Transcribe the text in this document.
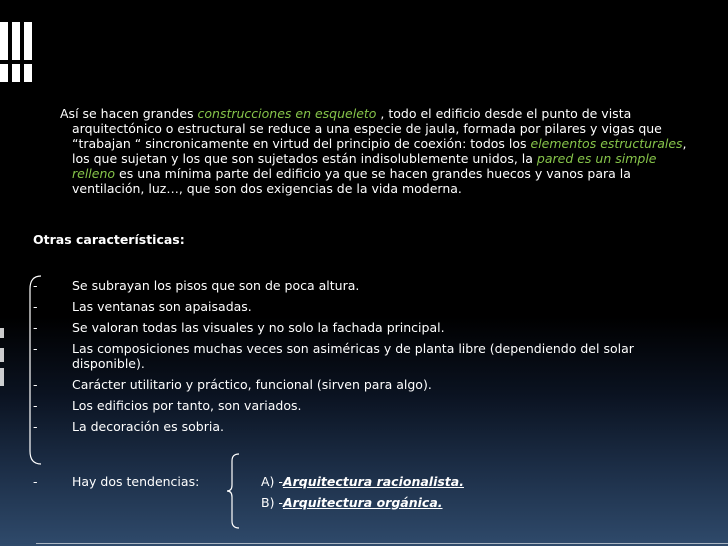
Así se hacen grandes construcciones en esqueleto , todo el edificio desde el punto de vista arquitectónico o estructural se reduce a una especie de jaula, formada por pilares y vigas que “trabajan “ sincronicamente en virtud del principio de coexión: todos los elementos estructurales, los que sujetan y los que son sujetados están indisolublemente unidos, la pared es un simple relleno es una mínima parte del edificio ya que se hacen grandes huecos y vanos para la ventilación, luz…, que son dos exigencias de la vida moderna.

Otras características:

-	Se subrayan los pisos que son de poca altura.
-	Las ventanas son apaisadas.
-	Se valoran todas las visuales y no solo la fachada principal.
-	Las composiciones muchas veces son asiméricas y de planta libre (dependiendo del solar disponible).
-	Carácter utilitario y práctico, funcional (sirven para algo).
-	Los edificios por tanto, son variados.
-	La decoración es sobria.
-	Hay dos tendencias:	A) -Arquitectura racionalista.
B) -Arquitectura orgánica.
